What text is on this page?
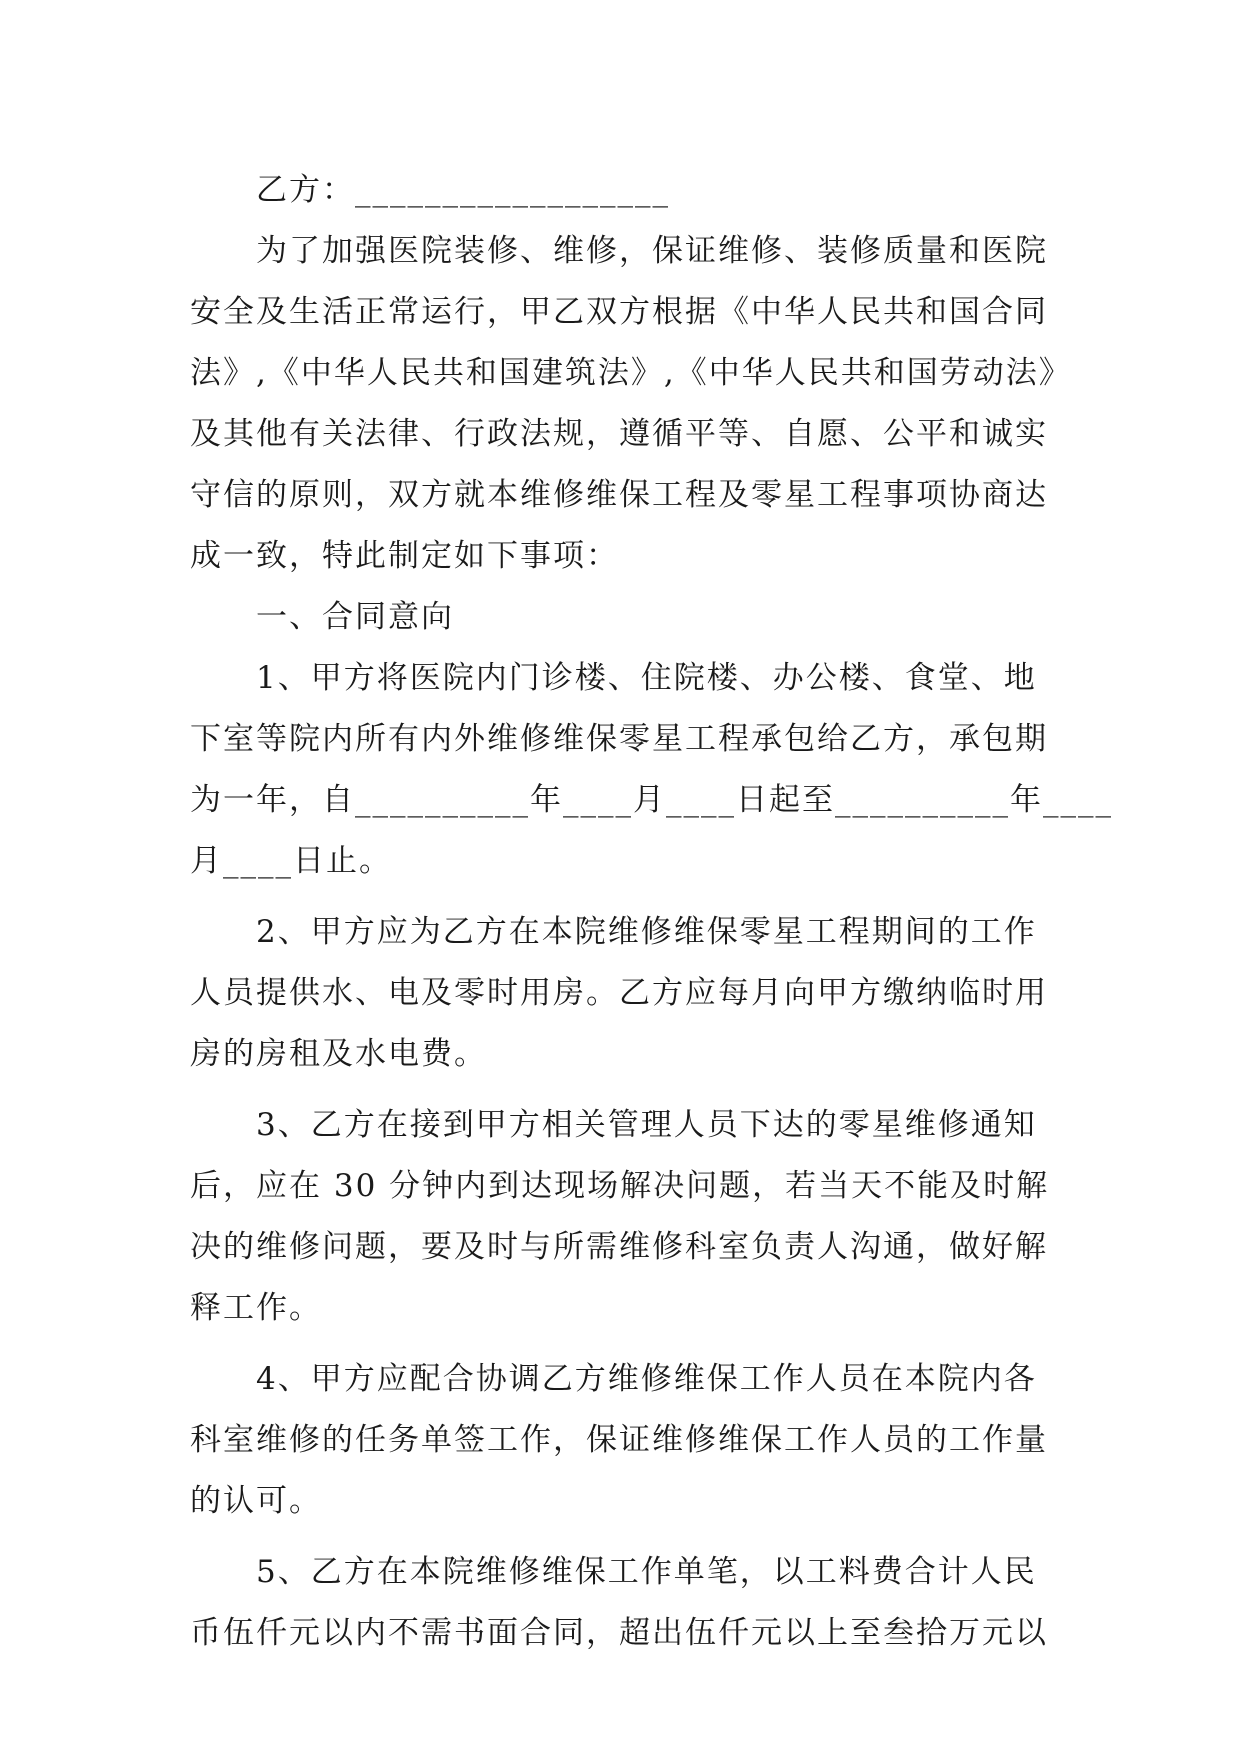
　　乙方：__________________

　　为了加强医院装修、维修，保证维修、装修质量和医院

安全及生活正常运行，甲乙双方根据《中华人民共和国合同

法》,《中华人民共和国建筑法》,《中华人民共和国劳动法》

及其他有关法律、行政法规，遵循平等、自愿、公平和诚实

守信的原则，双方就本维修维保工程及零星工程事项协商达

成一致，特此制定如下事项：

　　一、合同意向

　　1、甲方将医院内门诊楼、住院楼、办公楼、食堂、地

下室等院内所有内外维修维保零星工程承包给乙方，承包期

为一年，自__________年____月____日起至__________年____

月____日止。

　　2、甲方应为乙方在本院维修维保零星工程期间的工作

人员提供水、电及零时用房。乙方应每月向甲方缴纳临时用

房的房租及水电费。

　　3、乙方在接到甲方相关管理人员下达的零星维修通知

后，应在 30 分钟内到达现场解决问题，若当天不能及时解

决的维修问题，要及时与所需维修科室负责人沟通，做好解

释工作。

　　4、甲方应配合协调乙方维修维保工作人员在本院内各

科室维修的任务单签工作，保证维修维保工作人员的工作量

的认可。

　　5、乙方在本院维修维保工作单笔，以工料费合计人民

币伍仟元以内不需书面合同，超出伍仟元以上至叁拾万元以
